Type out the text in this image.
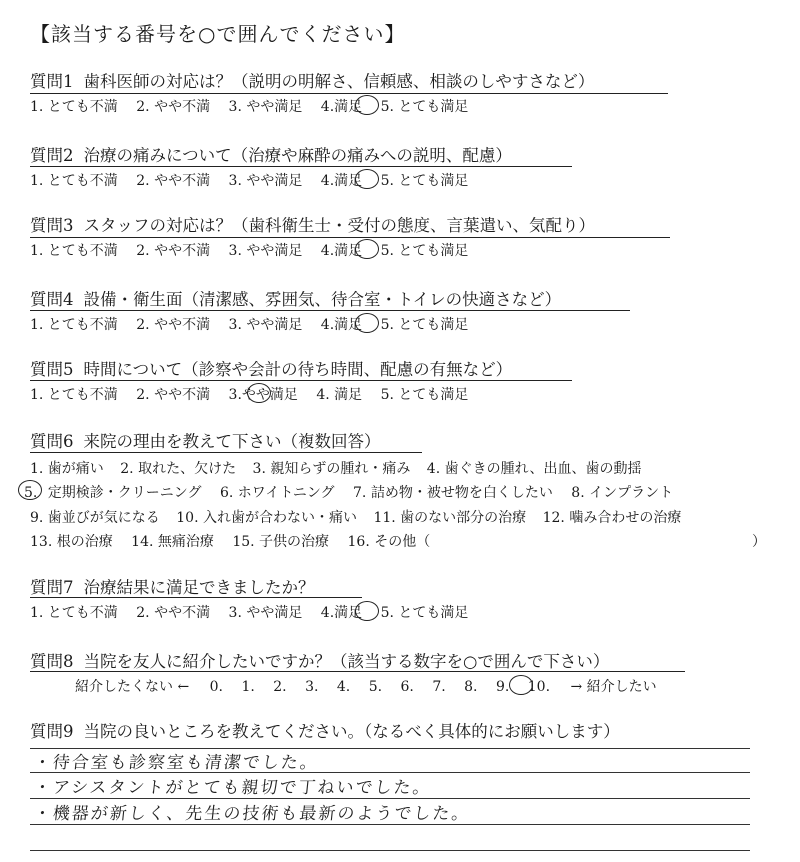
【該当する番号を○で囲んでください】
質問1 歯科医師の対応は？（説明の明解さ、信頼感、相談のしやすさなど）
1. とても不満 2. やや不満 3. やや満足 4.満足 5. とても満足
質問2 治療の痛みについて（治療や麻酔の痛みへの説明、配慮）
1. とても不満 2. やや不満 3. やや満足 4.満足 5. とても満足
質問3 スタッフの対応は？（歯科衛生士・受付の態度、言葉遣い、気配り）
1. とても不満 2. やや不満 3. やや満足 4.満足 5. とても満足
質問4 設備・衛生面（清潔感、雰囲気、待合室・トイレの快適さなど）
1. とても不満 2. やや不満 3. やや満足 4.満足 5. とても満足
質問5 時間について（診察や会計の待ち時間、配慮の有無など）
1. とても不満 2. やや不満 3.やや満足 4. 満足 5. とても満足
質問6 来院の理由を教えて下さい（複数回答）
1. 歯が痛い 2. 取れた、欠けた 3. 親知らずの腫れ・痛み 4. 歯ぐきの腫れ、出血、歯の動揺
5. 定期検診・クリーニング 6. ホワイトニング 7. 詰め物・被せ物を白くしたい 8. インプラント
9. 歯並びが気になる 10. 入れ歯が合わない・痛い 11. 歯のない部分の治療 12. 噛み合わせの治療
13. 根の治療 14. 無痛治療 15. 子供の治療 16. その他（	）
質問7 治療結果に満足できましたか？
1. とても不満 2. やや不満 3. やや満足 4.満足 5. とても満足
質問8 当院を友人に紹介したいですか？（該当する数字を○で囲んで下さい）
紹介したくない ← 0. 1. 2. 3. 4. 5. 6. 7. 8. 9. 10. → 紹介したい
質問9 当院の良いところを教えてください。（なるべく具体的にお願いします）
・待合室も診察室も清潔でした。
・アシスタントがとても親切で丁ねいでした。
・機器が新しく、先生の技術も最新のようでした。
